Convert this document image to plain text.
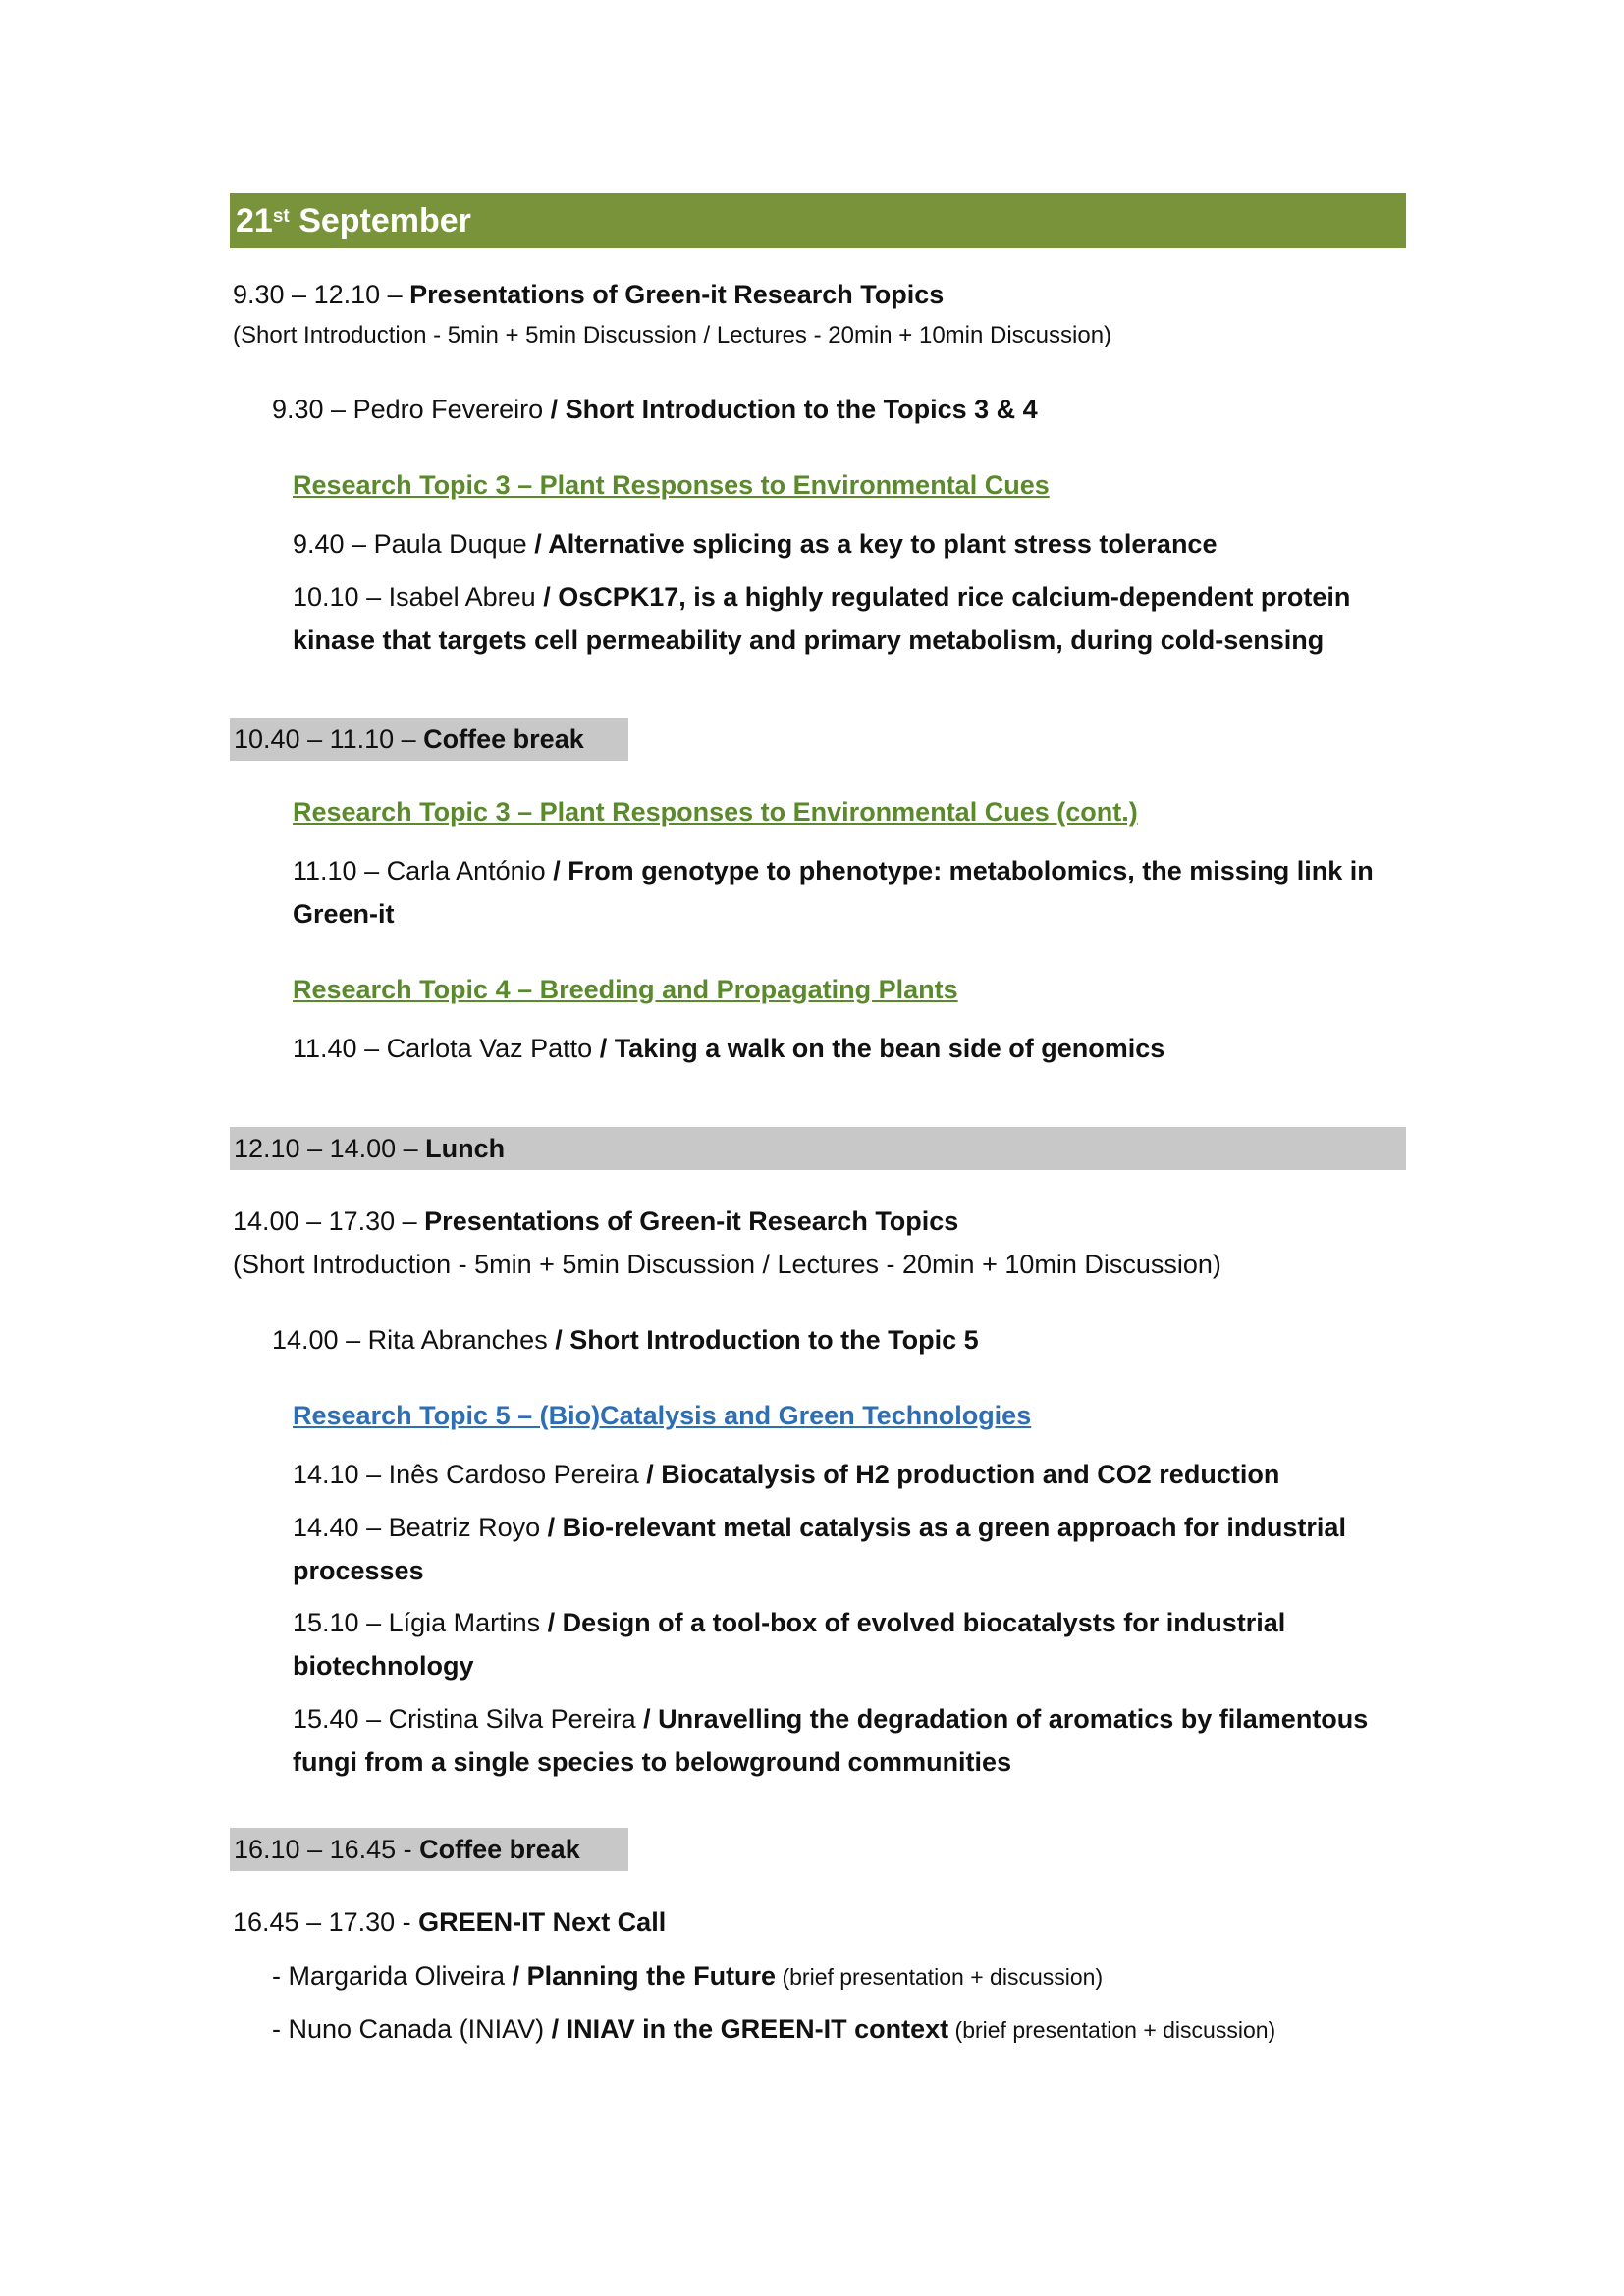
21st September
9.30 – 12.10 – Presentations of Green-it Research Topics
(Short Introduction - 5min + 5min Discussion / Lectures - 20min + 10min Discussion)
9.30 – Pedro Fevereiro / Short Introduction to the Topics 3 & 4
Research Topic 3 – Plant Responses to Environmental Cues
9.40 – Paula Duque / Alternative splicing as a key to plant stress tolerance
10.10 – Isabel Abreu / OsCPK17, is a highly regulated rice calcium-dependent protein
kinase that targets cell permeability and primary metabolism, during cold-sensing
10.40 – 11.10 – Coffee break
Research Topic 3 – Plant Responses to Environmental Cues (cont.)
11.10 – Carla António / From genotype to phenotype: metabolomics, the missing link in
Green-it
Research Topic 4 – Breeding and Propagating Plants
11.40 – Carlota Vaz Patto / Taking a walk on the bean side of genomics
12.10 – 14.00 – Lunch
14.00 – 17.30 – Presentations of Green-it Research Topics
(Short Introduction - 5min + 5min Discussion / Lectures - 20min + 10min Discussion)
14.00 – Rita Abranches / Short Introduction to the Topic 5
Research Topic 5 – (Bio)Catalysis and Green Technologies
14.10 – Inês Cardoso Pereira / Biocatalysis of H2 production and CO2 reduction
14.40 – Beatriz Royo / Bio-relevant metal catalysis as a green approach for industrial
processes
15.10 – Lígia Martins / Design of a tool-box of evolved biocatalysts for industrial
biotechnology
15.40 – Cristina Silva Pereira / Unravelling the degradation of aromatics by filamentous
fungi from a single species to belowground communities
16.10 – 16.45 - Coffee break
16.45 – 17.30 - GREEN-IT Next Call
- Margarida Oliveira / Planning the Future (brief presentation + discussion)
- Nuno Canada (INIAV) / INIAV in the GREEN-IT context (brief presentation + discussion)
